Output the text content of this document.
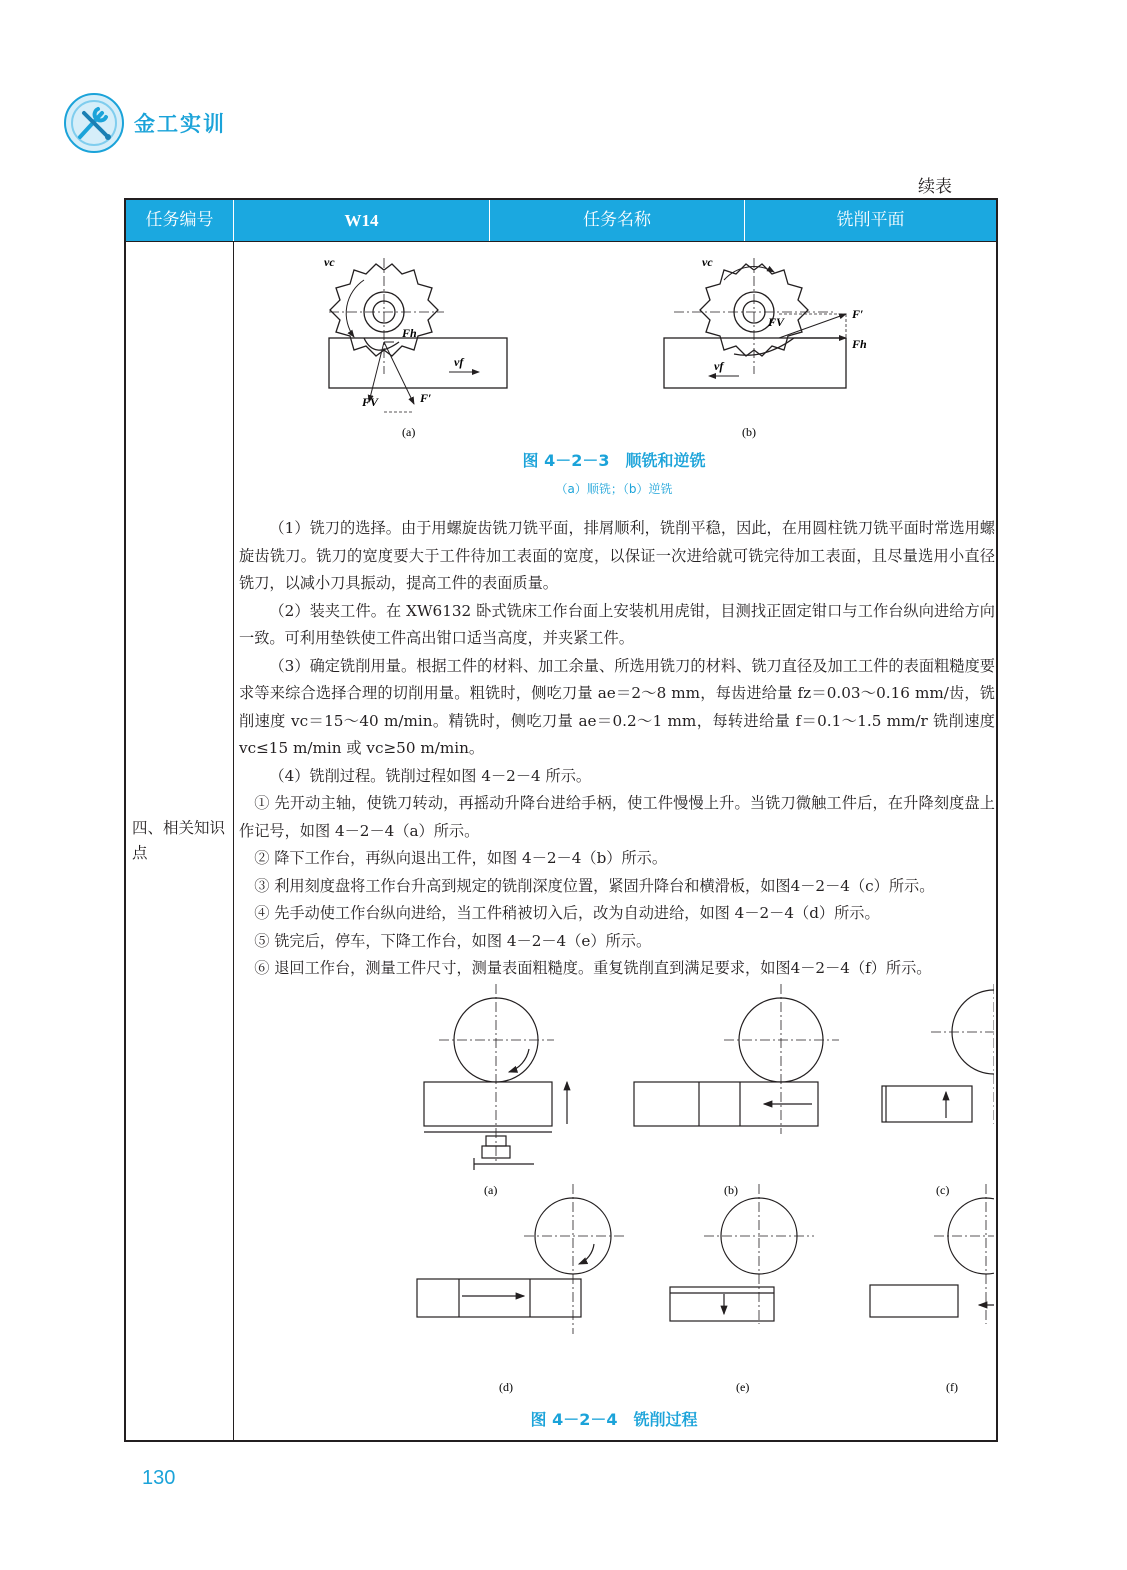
金工实训
续表
任务编号	W14	任务名称	铣削平面
四、相关知识点
vc
vf
Fh
FV	F′
(a)
vc
vf
FV
F′
Fh
(b)
图 4－2－3　顺铣和逆铣
（a）顺铣；（b）逆铣

（1）铣刀的选择。由于用螺旋齿铣刀铣平面，排屑顺利，铣削平稳，因此，在用圆柱铣刀铣平面时常选用螺旋齿铣刀。铣刀的宽度要大于工件待加工表面的宽度，以保证一次进给就可铣完待加工表面，且尽量选用小直径铣刀，以减小刀具振动，提高工件的表面质量。

（2）装夹工件。在 XW6132 卧式铣床工作台面上安装机用虎钳，目测找正固定钳口与工作台纵向进给方向一致。可利用垫铁使工件高出钳口适当高度，并夹紧工件。

（3）确定铣削用量。根据工件的材料、加工余量、所选用铣刀的材料、铣刀直径及加工工件的表面粗糙度要求等来综合选择合理的切削用量。粗铣时，侧吃刀量 ae＝2～8 mm，每齿进给量 fz＝0.03～0.16 mm/齿，铣削速度 vc＝15～40 m/min。精铣时，侧吃刀量 ae＝0.2～1 mm，每转进给量 f＝0.1～1.5 mm/r 铣削速度 vc≤15 m/min 或 vc≥50 m/min。

（4）铣削过程。铣削过程如图 4－2－4 所示。

① 先开动主轴，使铣刀转动，再摇动升降台进给手柄，使工件慢慢上升。当铣刀微触工件后，在升降刻度盘上作记号，如图 4－2－4（a）所示。

② 降下工作台，再纵向退出工件，如图 4－2－4（b）所示。

③ 利用刻度盘将工作台升高到规定的铣削深度位置，紧固升降台和横滑板，如图4－2－4（c）所示。

④ 先手动使工作台纵向进给，当工件稍被切入后，改为自动进给，如图 4－2－4（d）所示。

⑤ 铣完后，停车，下降工作台，如图 4－2－4（e）所示。

⑥ 退回工作台，测量工件尺寸，测量表面粗糙度。重复铣削直到满足要求，如图4－2－4（f）所示。

(a)	(b)	(c)
(d)	(e)	(f)
图 4－2－4　铣削过程
130
